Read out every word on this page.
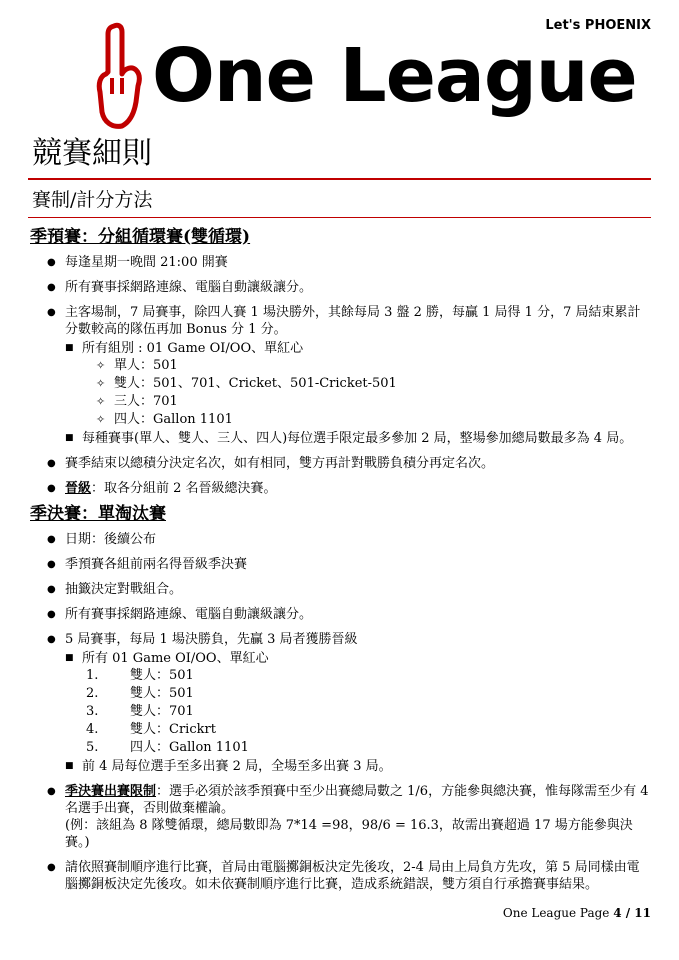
Let's PHOENIX
One League
競賽細則
賽制/計分方法
季預賽：分組循環賽(雙循環)
● 每逢星期一晚間 21:00 開賽
● 所有賽事採網路連線、電腦自動讓級讓分。
● 主客場制，7 局賽事，除四人賽 1 場決勝外，其餘每局 3 盤 2 勝，每贏 1 局得 1 分，7 局結束累計分數較高的隊伍再加 Bonus 分 1 分。
■ 所有組別 : 01 Game OI/OO、單紅心
✧ 單人：501
✧ 雙人：501、701、Cricket、501-Cricket-501
✧ 三人：701
✧ 四人：Gallon 1101
■ 每種賽事(單人、雙人、三人、四人)每位選手限定最多參加 2 局，整場參加總局數最多為 4 局。
● 賽季結束以總積分決定名次，如有相同，雙方再計對戰勝負積分再定名次。
● 晉級：取各分組前 2 名晉級總決賽。
季決賽：單淘汰賽
● 日期：後續公布
● 季預賽各組前兩名得晉級季決賽
● 抽籤決定對戰組合。
● 所有賽事採網路連線、電腦自動讓級讓分。
● 5 局賽事，每局 1 場決勝負，先贏 3 局者獲勝晉級
■ 所有 01 Game OI/OO、單紅心
1.	雙人：501
2.	雙人：501
3.	雙人：701
4.	雙人：Crickrt
5.	四人：Gallon 1101
■ 前 4 局每位選手至多出賽 2 局，全場至多出賽 3 局。
● 季決賽出賽限制：選手必須於該季預賽中至少出賽總局數之 1/6，方能參與總決賽，惟每隊需至少有 4 名選手出賽，否則做棄權論。
(例：該組為 8 隊雙循環，總局數即為 7*14 =98，98/6 = 16.3，故需出賽超過 17 場方能參與決賽。)
● 請依照賽制順序進行比賽，首局由電腦擲銅板決定先後攻，2-4 局由上局負方先攻，第 5 局同樣由電腦擲銅板決定先後攻。如未依賽制順序進行比賽，造成系統錯誤，雙方須自行承擔賽事結果。
One League Page 4 / 11
